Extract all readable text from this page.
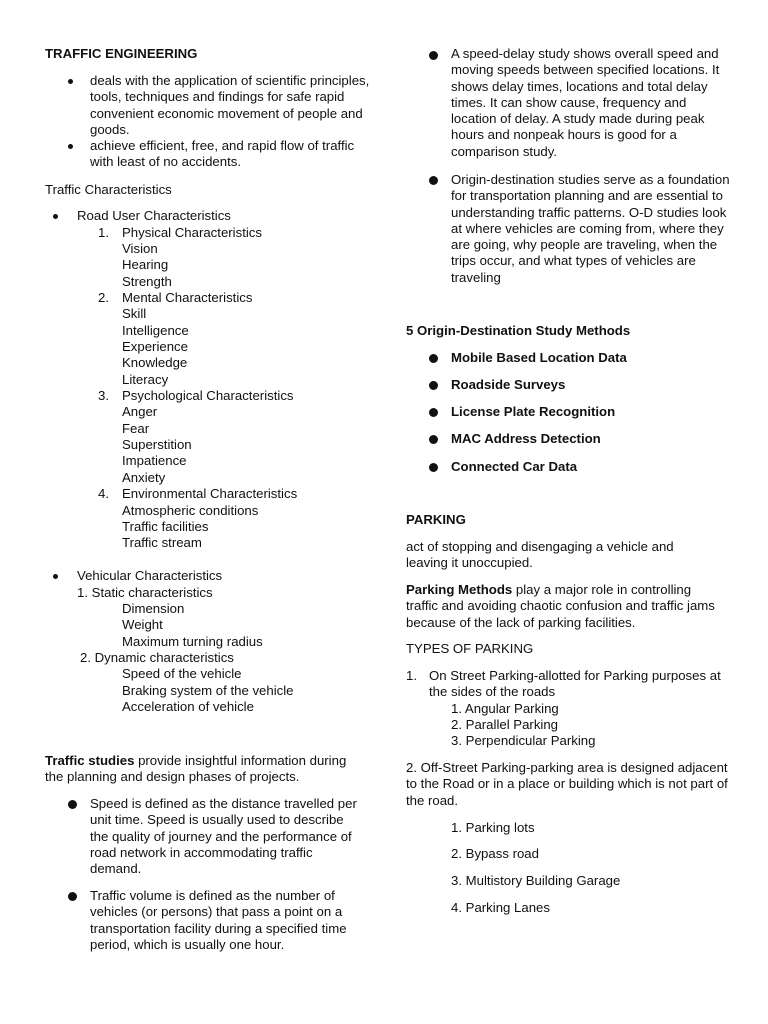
TRAFFIC ENGINEERING
deals with the application of scientific principles, tools, techniques and findings for safe rapid convenient economic movement of people and goods.
achieve efficient, free, and rapid flow of traffic with least of no accidents.
Traffic Characteristics
Road User Characteristics
1. Physical Characteristics
Vision
Hearing
Strength
2. Mental Characteristics
Skill
Intelligence
Experience
Knowledge
Literacy
3. Psychological Characteristics
Anger
Fear
Superstition
Impatience
Anxiety
4. Environmental Characteristics
Atmospheric conditions
Traffic facilities
Traffic stream
Vehicular Characteristics
1. Static characteristics
Dimension
Weight
Maximum turning radius
2. Dynamic characteristics
Speed of the vehicle
Braking system of the vehicle
Acceleration of vehicle
Traffic studies provide insightful information during the planning and design phases of projects.
Speed is defined as the distance travelled per unit time. Speed is usually used to describe the quality of journey and the performance of road network in accommodating traffic demand.
Traffic volume is defined as the number of vehicles (or persons) that pass a point on a transportation facility during a specified time period, which is usually one hour.
A speed-delay study shows overall speed and moving speeds between specified locations. It shows delay times, locations and total delay times. It can show cause, frequency and location of delay. A study made during peak hours and nonpeak hours is good for a comparison study.
Origin-destination studies serve as a foundation for transportation planning and are essential to understanding traffic patterns. O-D studies look at where vehicles are coming from, where they are going, why people are traveling, when the trips occur, and what types of vehicles are traveling
5 Origin-Destination Study Methods
Mobile Based Location Data
Roadside Surveys
License Plate Recognition
MAC Address Detection
Connected Car Data
PARKING
act of stopping and disengaging a vehicle and leaving it unoccupied.
Parking Methods play a major role in controlling traffic and avoiding chaotic confusion and traffic jams because of the lack of parking facilities.
TYPES OF PARKING
1. On Street Parking-allotted for Parking purposes at the sides of the roads
1. Angular Parking
2. Parallel Parking
3. Perpendicular Parking
2. Off-Street Parking-parking area is designed adjacent to the Road or in a place or building which is not part of the road.
1. Parking lots
2. Bypass road
3. Multistory Building Garage
4. Parking Lanes
